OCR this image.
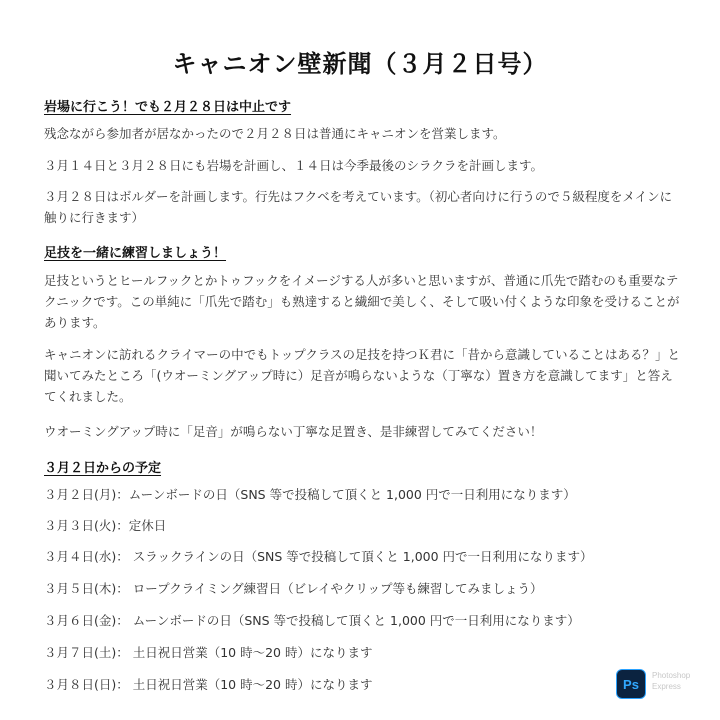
キャニオン壁新聞（３月２日号）
岩場に行こう！でも２月２８日は中止です
残念ながら参加者が居なかったので２月２８日は普通にキャニオンを営業します。
３月１４日と３月２８日にも岩場を計画し、１４日は今季最後のシラクラを計画します。
３月２８日はボルダーを計画します。行先はフクベを考えています。（初心者向けに行うので５級程度をメインに触りに行きます）
足技を一緒に練習しましょう！
足技というとヒールフックとかトゥフックをイメージする人が多いと思いますが、普通に爪先で踏むのも重要なテクニックです。この単純に「爪先で踏む」も熟達すると繊細で美しく、そして吸い付くような印象を受けることがあります。
キャニオンに訪れるクライマーの中でもトップクラスの足技を持つＫ君に「昔から意識していることはある？」と聞いてみたところ「(ウオーミングアップ時に）足音が鳴らないような（丁寧な）置き方を意識してます」と答えてくれました。
ウオーミングアップ時に「足音」が鳴らない丁寧な足置き、是非練習してみてください！
３月２日からの予定
３月２日(月)：ムーンボードの日（SNS 等で投稿して頂くと 1,000 円で一日利用になります）
３月３日(火)：定休日
３月４日(水)： スラックラインの日（SNS 等で投稿して頂くと 1,000 円で一日利用になります）
３月５日(木)： ロープクライミング練習日（ビレイやクリップ等も練習してみましょう）
３月６日(金)： ムーンボードの日（SNS 等で投稿して頂くと 1,000 円で一日利用になります）
３月７日(土)： 土日祝日営業（10 時〜20 時）になります
３月８日(日)： 土日祝日営業（10 時〜20 時）になります	Ps
Photoshop Express
